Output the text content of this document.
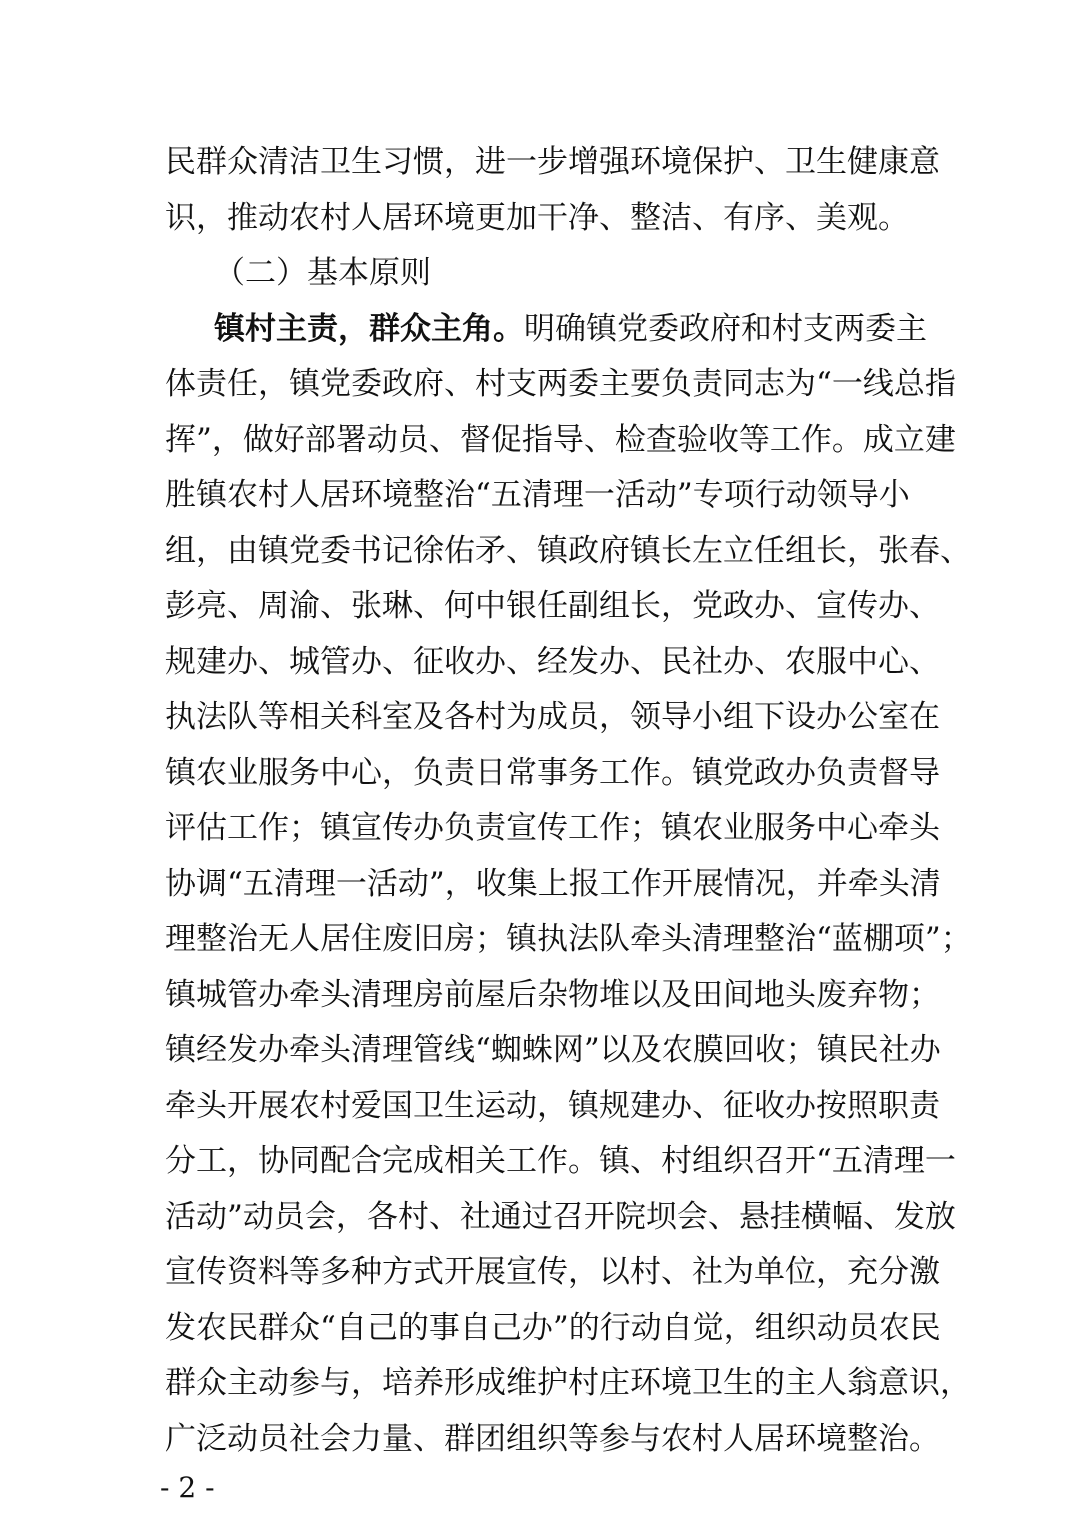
民群众清洁卫生习惯，进一步增强环境保护、卫生健康意
识，推动农村人居环境更加干净、整洁、有序、美观。
（二）基本原则
镇村主责，群众主角。明确镇党委政府和村支两委主
体责任，镇党委政府、村支两委主要负责同志为“一线总指
挥”，做好部署动员、督促指导、检查验收等工作。成立建
胜镇农村人居环境整治“五清理一活动”专项行动领导小
组，由镇党委书记徐佑矛、镇政府镇长左立任组长，张春、
彭亮、周渝、张琳、何中银任副组长，党政办、宣传办、
规建办、城管办、征收办、经发办、民社办、农服中心、
执法队等相关科室及各村为成员，领导小组下设办公室在
镇农业服务中心，负责日常事务工作。镇党政办负责督导
评估工作；镇宣传办负责宣传工作；镇农业服务中心牵头
协调“五清理一活动”，收集上报工作开展情况，并牵头清
理整治无人居住废旧房；镇执法队牵头清理整治“蓝棚项”；
镇城管办牵头清理房前屋后杂物堆以及田间地头废弃物；
镇经发办牵头清理管线“蜘蛛网”以及农膜回收；镇民社办
牵头开展农村爱国卫生运动，镇规建办、征收办按照职责
分工，协同配合完成相关工作。镇、村组织召开“五清理一
活动”动员会，各村、社通过召开院坝会、悬挂横幅、发放
宣传资料等多种方式开展宣传，以村、社为单位，充分激
发农民群众“自己的事自己办”的行动自觉，组织动员农民
群众主动参与，培养形成维护村庄环境卫生的主人翁意识，
广泛动员社会力量、群团组织等参与农村人居环境整治。
- 2 -
